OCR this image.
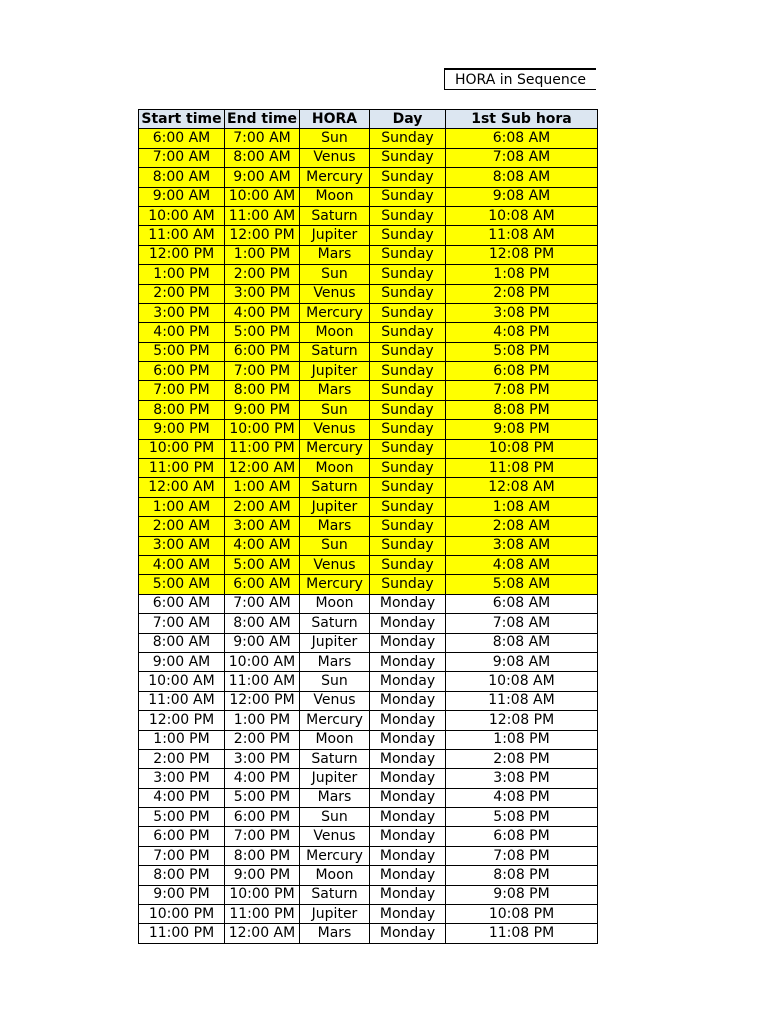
HORA in Sequence
Start time	End time	HORA	Day	1st Sub hora
6:00 AM	7:00 AM	Sun	Sunday	6:08 AM
7:00 AM	8:00 AM	Venus	Sunday	7:08 AM
8:00 AM	9:00 AM	Mercury	Sunday	8:08 AM
9:00 AM	10:00 AM	Moon	Sunday	9:08 AM
10:00 AM	11:00 AM	Saturn	Sunday	10:08 AM
11:00 AM	12:00 PM	Jupiter	Sunday	11:08 AM
12:00 PM	1:00 PM	Mars	Sunday	12:08 PM
1:00 PM	2:00 PM	Sun	Sunday	1:08 PM
2:00 PM	3:00 PM	Venus	Sunday	2:08 PM
3:00 PM	4:00 PM	Mercury	Sunday	3:08 PM
4:00 PM	5:00 PM	Moon	Sunday	4:08 PM
5:00 PM	6:00 PM	Saturn	Sunday	5:08 PM
6:00 PM	7:00 PM	Jupiter	Sunday	6:08 PM
7:00 PM	8:00 PM	Mars	Sunday	7:08 PM
8:00 PM	9:00 PM	Sun	Sunday	8:08 PM
9:00 PM	10:00 PM	Venus	Sunday	9:08 PM
10:00 PM	11:00 PM	Mercury	Sunday	10:08 PM
11:00 PM	12:00 AM	Moon	Sunday	11:08 PM
12:00 AM	1:00 AM	Saturn	Sunday	12:08 AM
1:00 AM	2:00 AM	Jupiter	Sunday	1:08 AM
2:00 AM	3:00 AM	Mars	Sunday	2:08 AM
3:00 AM	4:00 AM	Sun	Sunday	3:08 AM
4:00 AM	5:00 AM	Venus	Sunday	4:08 AM
5:00 AM	6:00 AM	Mercury	Sunday	5:08 AM
6:00 AM	7:00 AM	Moon	Monday	6:08 AM
7:00 AM	8:00 AM	Saturn	Monday	7:08 AM
8:00 AM	9:00 AM	Jupiter	Monday	8:08 AM
9:00 AM	10:00 AM	Mars	Monday	9:08 AM
10:00 AM	11:00 AM	Sun	Monday	10:08 AM
11:00 AM	12:00 PM	Venus	Monday	11:08 AM
12:00 PM	1:00 PM	Mercury	Monday	12:08 PM
1:00 PM	2:00 PM	Moon	Monday	1:08 PM
2:00 PM	3:00 PM	Saturn	Monday	2:08 PM
3:00 PM	4:00 PM	Jupiter	Monday	3:08 PM
4:00 PM	5:00 PM	Mars	Monday	4:08 PM
5:00 PM	6:00 PM	Sun	Monday	5:08 PM
6:00 PM	7:00 PM	Venus	Monday	6:08 PM
7:00 PM	8:00 PM	Mercury	Monday	7:08 PM
8:00 PM	9:00 PM	Moon	Monday	8:08 PM
9:00 PM	10:00 PM	Saturn	Monday	9:08 PM
10:00 PM	11:00 PM	Jupiter	Monday	10:08 PM
11:00 PM	12:00 AM	Mars	Monday	11:08 PM
